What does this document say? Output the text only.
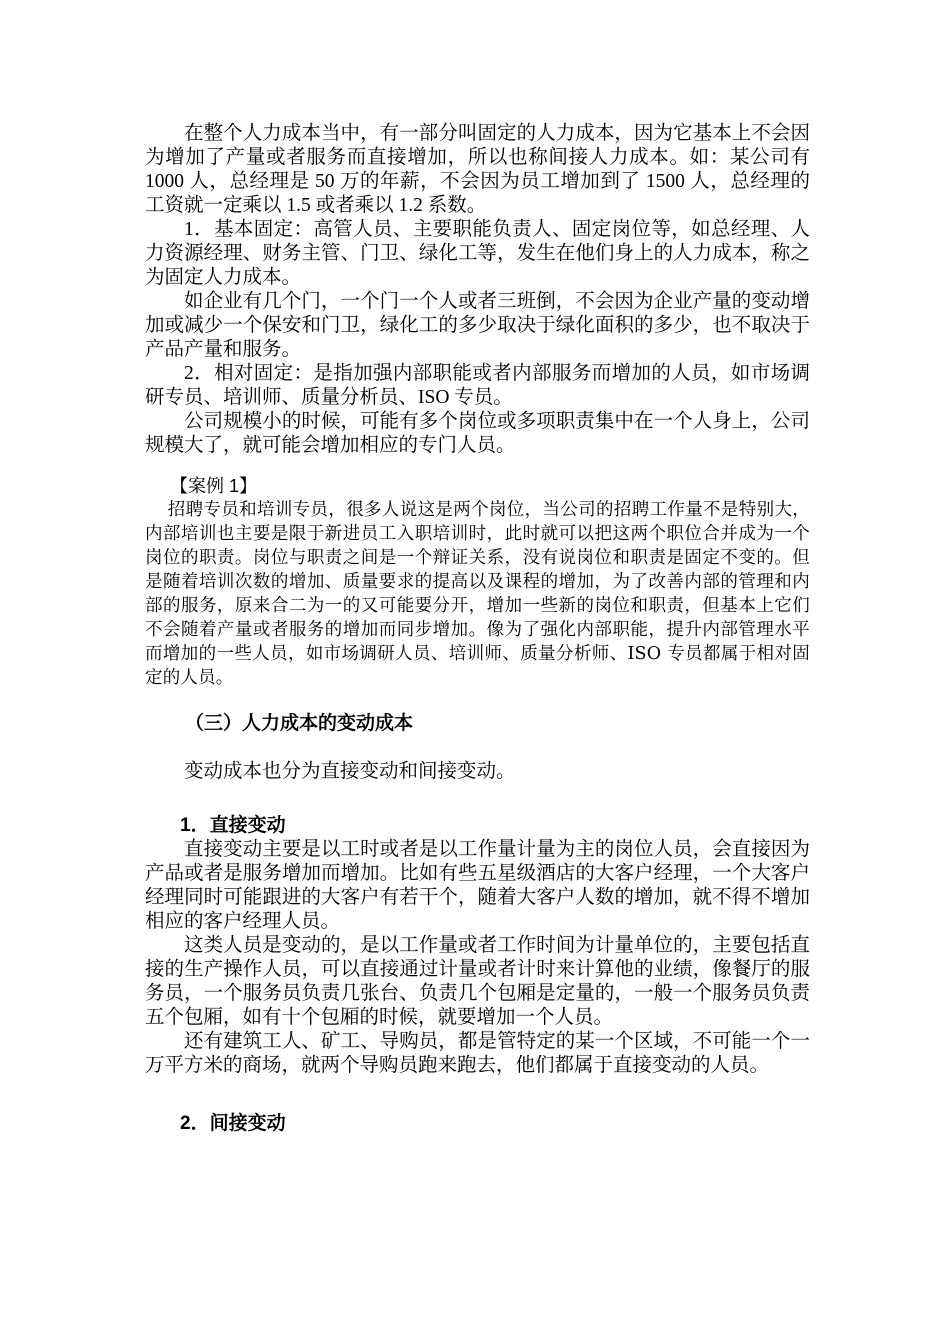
在整个人力成本当中，有一部分叫固定的人力成本，因为它基本上不会因为增加了产量或者服务而直接增加，所以也称间接人力成本。如：某公司有 1000 人，总经理是 50 万的年薪，不会因为员工增加到了 1500 人，总经理的工资就一定乘以 1.5 或者乘以 1.2 系数。

1．基本固定：高管人员、主要职能负责人、固定岗位等，如总经理、人力资源经理、财务主管、门卫、绿化工等，发生在他们身上的人力成本，称之为固定人力成本。

如企业有几个门，一个门一个人或者三班倒，不会因为企业产量的变动增加或减少一个保安和门卫，绿化工的多少取决于绿化面积的多少，也不取决于产品产量和服务。

2．相对固定：是指加强内部职能或者内部服务而增加的人员，如市场调研专员、培训师、质量分析员、ISO 专员。

公司规模小的时候，可能有多个岗位或多项职责集中在一个人身上，公司规模大了，就可能会增加相应的专门人员。

【案例 1】

招聘专员和培训专员，很多人说这是两个岗位，当公司的招聘工作量不是特别大，内部培训也主要是限于新进员工入职培训时，此时就可以把这两个职位合并成为一个岗位的职责。岗位与职责之间是一个辩证关系，没有说岗位和职责是固定不变的。但是随着培训次数的增加、质量要求的提高以及课程的增加，为了改善内部的管理和内部的服务，原来合二为一的又可能要分开，增加一些新的岗位和职责，但基本上它们不会随着产量或者服务的增加而同步增加。像为了强化内部职能，提升内部管理水平而增加的一些人员，如市场调研人员、培训师、质量分析师、ISO 专员都属于相对固定的人员。

（三）人力成本的变动成本

变动成本也分为直接变动和间接变动。

1．直接变动

直接变动主要是以工时或者是以工作量计量为主的岗位人员，会直接因为产品或者是服务增加而增加。比如有些五星级酒店的大客户经理，一个大客户经理同时可能跟进的大客户有若干个，随着大客户人数的增加，就不得不增加相应的客户经理人员。

这类人员是变动的，是以工作量或者工作时间为计量单位的，主要包括直接的生产操作人员，可以直接通过计量或者计时来计算他的业绩，像餐厅的服务员，一个服务员负责几张台、负责几个包厢是定量的，一般一个服务员负责五个包厢，如有十个包厢的时候，就要增加一个人员。

还有建筑工人、矿工、导购员，都是管特定的某一个区域，不可能一个一万平方米的商场，就两个导购员跑来跑去，他们都属于直接变动的人员。

2．间接变动
